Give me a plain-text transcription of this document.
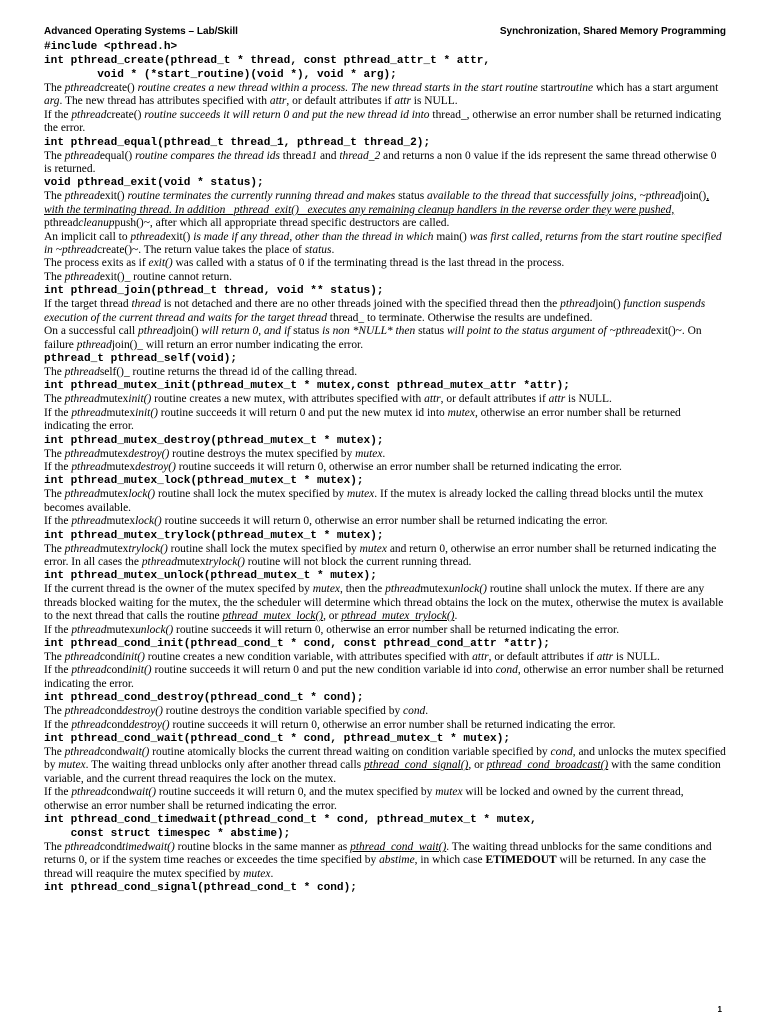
Advanced Operating Systems – Lab/Skill	Synchronization, Shared Memory Programming
#include <pthread.h>
int pthread_create(pthread_t * thread, const pthread_attr_t * attr,
void * (*start_routine)(void *), void * arg);

The pthreadcreate() routine creates a new thread within a process. The new thread starts in the start routine startroutine which has a start argument arg. The new thread has attributes specified with attr, or default attributes if attr is NULL.

If the pthreadcreate() routine succeeds it will return 0 and put the new thread id into thread_, otherwise an error number shall be returned indicating the error.

int pthread_equal(pthread_t thread_1, pthread_t thread_2);

The pthreadequal() routine compares the thread ids thread1 and thread_2 and returns a non 0 value if the ids represent the same thread otherwise 0 is returned.

void pthread_exit(void * status);

The pthreadexit() routine terminates the currently running thread and makes status available to the thread that successfully joins, ~pthreadjoin(), with the terminating thread. In addition _pthread_exit()_ executes any remaining cleanup handlers in the reverse order they were pushed, pthreadcleanuppush()~, after which all appropriate thread specific destructors are called.

An implicit call to pthreadexit() is made if any thread, other than the thread in which main() was first called, returns from the start routine specified in ~pthreadcreate()~. The return value takes the place of status.

The process exits as if exit() was called with a status of 0 if the terminating thread is the last thread in the process.

The pthreadexit()_ routine cannot return.

int pthread_join(pthread_t thread, void ** status);

If the target thread thread is not detached and there are no other threads joined with the specified thread then the pthreadjoin() function suspends execution of the current thread and waits for the target thread thread_ to terminate. Otherwise the results are undefined.

On a successful call pthreadjoin() will return 0, and if status is non *NULL* then status will point to the status argument of ~pthreadexit()~. On failure pthreadjoin()_ will return an error number indicating the error.

pthread_t pthread_self(void);

The pthreadself()_ routine returns the thread id of the calling thread.

int pthread_mutex_init(pthread_mutex_t * mutex,const pthread_mutex_attr *attr);

The pthreadmutexinit() routine creates a new mutex, with attributes specified with attr, or default attributes if attr is NULL.

If the pthreadmutexinit() routine succeeds it will return 0 and put the new mutex id into mutex, otherwise an error number shall be returned indicating the error.

int pthread_mutex_destroy(pthread_mutex_t * mutex);

The pthreadmutexdestroy() routine destroys the mutex specified by mutex.

If the pthreadmutexdestroy() routine succeeds it will return 0, otherwise an error number shall be returned indicating the error.

int pthread_mutex_lock(pthread_mutex_t * mutex);

The pthreadmutexlock() routine shall lock the mutex specified by mutex. If the mutex is already locked the calling thread blocks until the mutex becomes available.

If the pthreadmutexlock() routine succeeds it will return 0, otherwise an error number shall be returned indicating the error.

int pthread_mutex_trylock(pthread_mutex_t * mutex);

The pthreadmutextrylock() routine shall lock the mutex specified by mutex and return 0, otherwise an error number shall be returned indicating the error. In all cases the pthreadmutextrylock() routine will not block the current running thread.

int pthread_mutex_unlock(pthread_mutex_t * mutex);

If the current thread is the owner of the mutex specifed by mutex, then the pthreadmutexunlock() routine shall unlock the mutex. If there are any threads blocked waiting for the mutex, the the scheduler will determine which thread obtains the lock on the mutex, otherwise the mutex is available to the next thread that calls the routine pthread_mutex_lock(), or pthread_mutex_trylock().

If the pthreadmutexunlock() routine succeeds it will return 0, otherwise an error number shall be returned indicating the error.

int pthread_cond_init(pthread_cond_t * cond, const pthread_cond_attr *attr);

The pthreadcondinit() routine creates a new condition variable, with attributes specified with attr, or default attributes if attr is NULL.

If the pthreadcondinit() routine succeeds it will return 0 and put the new condition variable id into cond, otherwise an error number shall be returned indicating the error.

int pthread_cond_destroy(pthread_cond_t * cond);

The pthreadconddestroy() routine destroys the condition variable specified by cond.

If the pthreadconddestroy() routine succeeds it will return 0, otherwise an error number shall be returned indicating the error.

int pthread_cond_wait(pthread_cond_t * cond, pthread_mutex_t * mutex);

The pthreadcondwait() routine atomically blocks the current thread waiting on condition variable specified by cond, and unlocks the mutex specified by mutex. The waiting thread unblocks only after another thread calls pthread_cond_signal(), or pthread_cond_broadcast() with the same condition variable, and the current thread reaquires the lock on the mutex.

If the pthreadcondwait() routine succeeds it will return 0, and the mutex specified by mutex will be locked and owned by the current thread, otherwise an error number shall be returned indicating the error.

int pthread_cond_timedwait(pthread_cond_t * cond, pthread_mutex_t * mutex,
const struct timespec * abstime);

The pthreadcondtimedwait() routine blocks in the same manner as pthread_cond_wait(). The waiting thread unblocks for the same conditions and returns 0, or if the system time reaches or exceedes the time specified by abstime, in which case ETIMEDOUT will be returned. In any case the thread will reaquire the mutex specified by mutex.

int pthread_cond_signal(pthread_cond_t * cond);
1
